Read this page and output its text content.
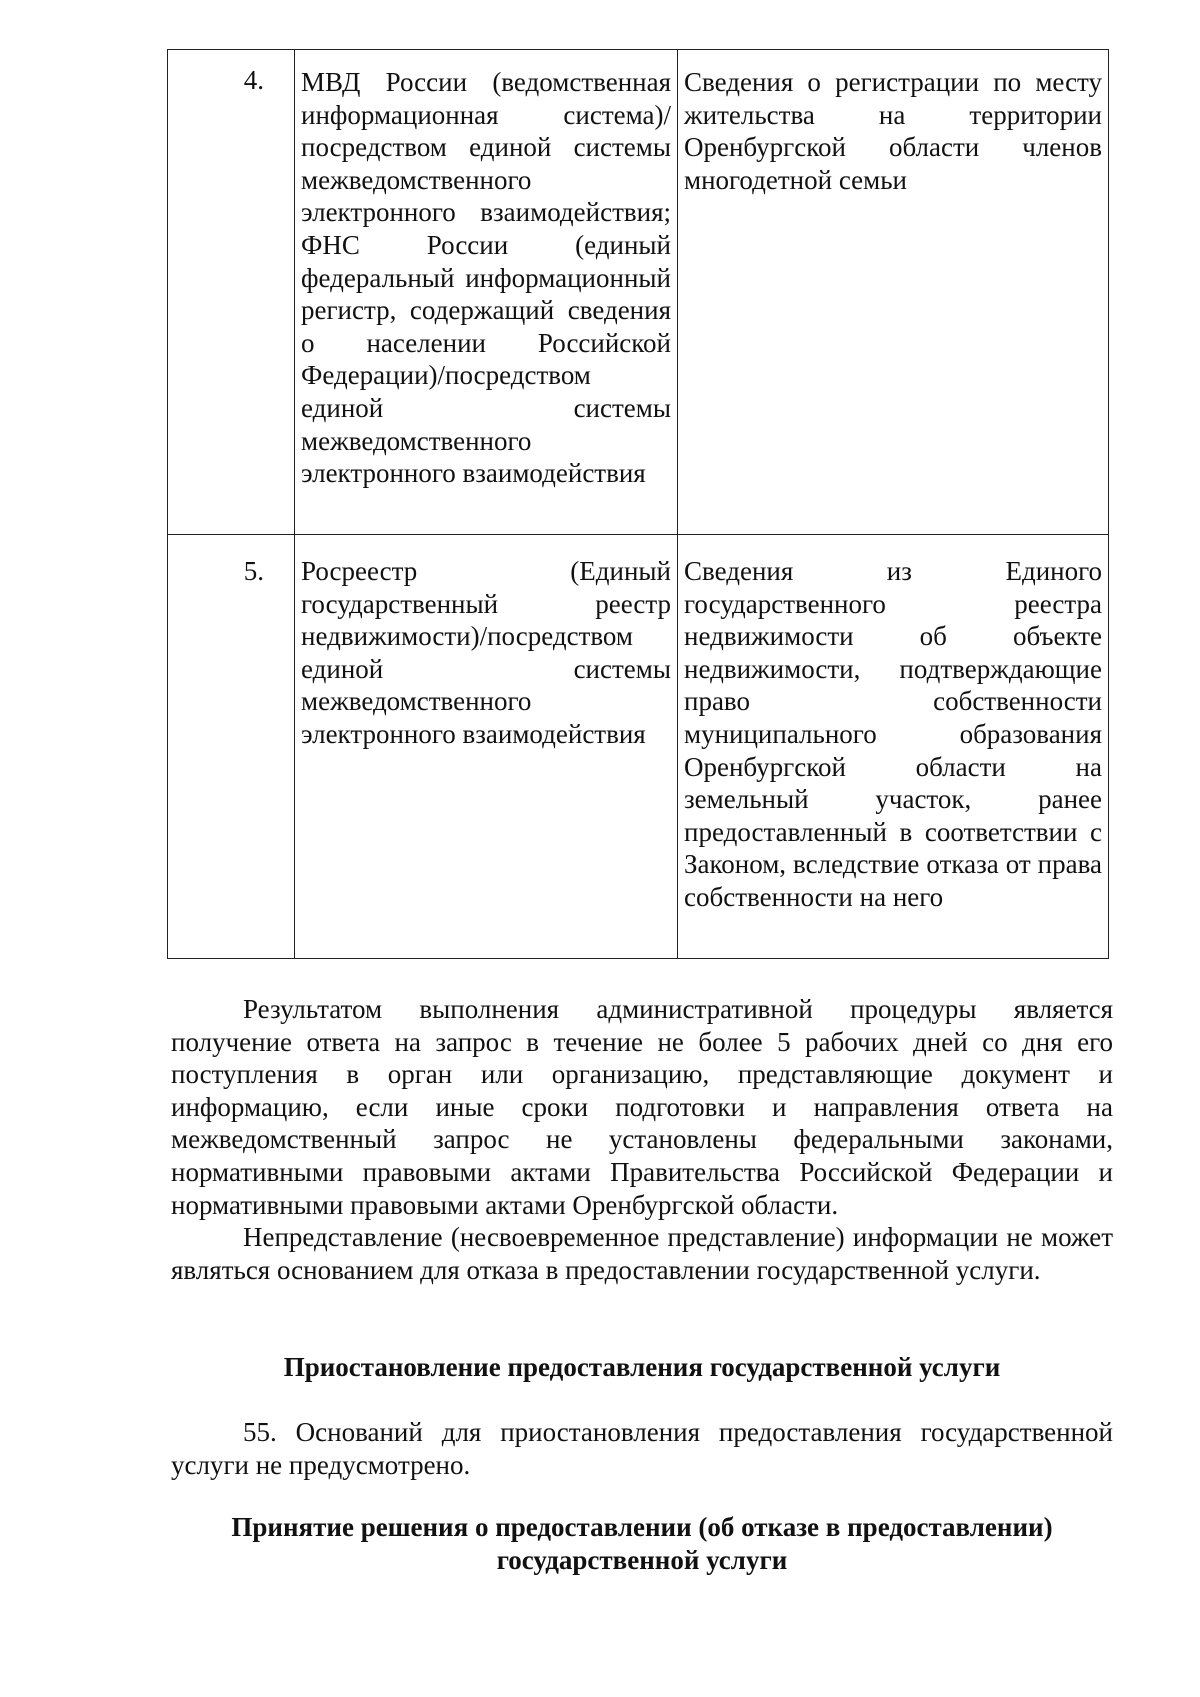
4.	МВД России (ведомственная информационная система)/посредством единой системы межведомственного электронного взаимодействия; ФНС России (единый федеральный информационный регистр, содержащий сведения о населении Российской Федерации)/посредством единой системы межведомственного электронного взаимодействия	Сведения о регистрации по месту жительства на территории Оренбургской области членов многодетной семьи
5.	Росреестр (Единый государственный реестр недвижимости)/посредством единой системы межведомственного электронного взаимодействия	Сведения из Единого государственного реестра недвижимости об объекте недвижимости, подтверждающие право собственности муниципального образования Оренбургской области на земельный участок, ранее предоставленный в соответствии с Законом, вследствие отказа от права собственности на него

Результатом выполнения административной процедуры является получение ответа на запрос в течение не более 5 рабочих дней со дня его поступления в орган или организацию, представляющие документ и информацию, если иные сроки подготовки и направления ответа на межведомственный запрос не установлены федеральными законами, нормативными правовыми актами Правительства Российской Федерации и нормативными правовыми актами Оренбургской области.

Непредставление (несвоевременное представление) информации не может являться основанием для отказа в предоставлении государственной услуги.

Приостановление предоставления государственной услуги

55. Оснований для приостановления предоставления государственной услуги не предусмотрено.

Принятие решения о предоставлении (об отказе в предоставлении) государственной услуги
